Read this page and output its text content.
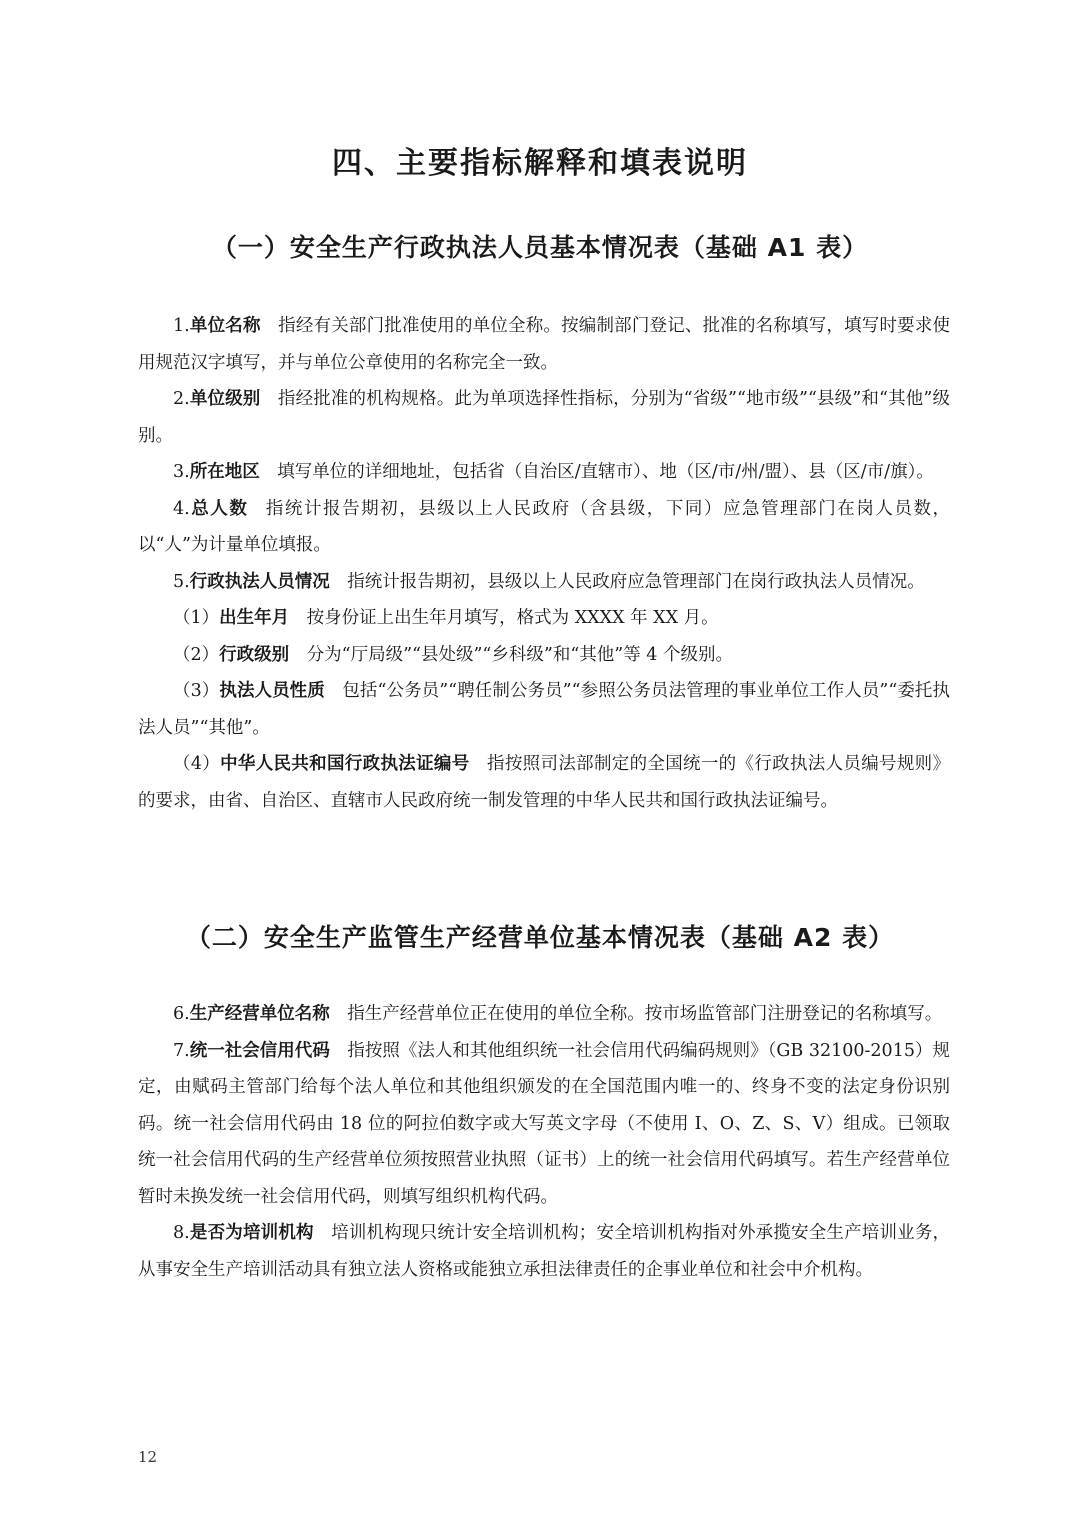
四、主要指标解释和填表说明
（一）安全生产行政执法人员基本情况表（基础 A1 表）

1.单位名称 指经有关部门批准使用的单位全称。按编制部门登记、批准的名称填写，填写时要求使用规范汉字填写，并与单位公章使用的名称完全一致。

2.单位级别 指经批准的机构规格。此为单项选择性指标，分别为“省级”“地市级”“县级”和“其他”级别。

3.所在地区 填写单位的详细地址，包括省（自治区/直辖市）、地（区/市/州/盟）、县（区/市/旗）。

4.总人数 指统计报告期初，县级以上人民政府（含县级，下同）应急管理部门在岗人员数，以“人”为计量单位填报。

5.行政执法人员情况 指统计报告期初，县级以上人民政府应急管理部门在岗行政执法人员情况。

（1）出生年月 按身份证上出生年月填写，格式为 XXXX 年 XX 月。

（2）行政级别 分为“厅局级”“县处级”“乡科级”和“其他”等 4 个级别。

（3）执法人员性质 包括“公务员”“聘任制公务员”“参照公务员法管理的事业单位工作人员”“委托执法人员”“其他”。

（4）中华人民共和国行政执法证编号 指按照司法部制定的全国统一的《行政执法人员编号规则》的要求，由省、自治区、直辖市人民政府统一制发管理的中华人民共和国行政执法证编号。

（二）安全生产监管生产经营单位基本情况表（基础 A2 表）

6.生产经营单位名称 指生产经营单位正在使用的单位全称。按市场监管部门注册登记的名称填写。

7.统一社会信用代码 指按照《法人和其他组织统一社会信用代码编码规则》（GB 32100-2015）规定，由赋码主管部门给每个法人单位和其他组织颁发的在全国范围内唯一的、终身不变的法定身份识别码。统一社会信用代码由 18 位的阿拉伯数字或大写英文字母（不使用 I、O、Z、S、V）组成。已领取统一社会信用代码的生产经营单位须按照营业执照（证书）上的统一社会信用代码填写。若生产经营单位暂时未换发统一社会信用代码，则填写组织机构代码。

8.是否为培训机构 培训机构现只统计安全培训机构；安全培训机构指对外承揽安全生产培训业务，从事安全生产培训活动具有独立法人资格或能独立承担法律责任的企事业单位和社会中介机构。

12
